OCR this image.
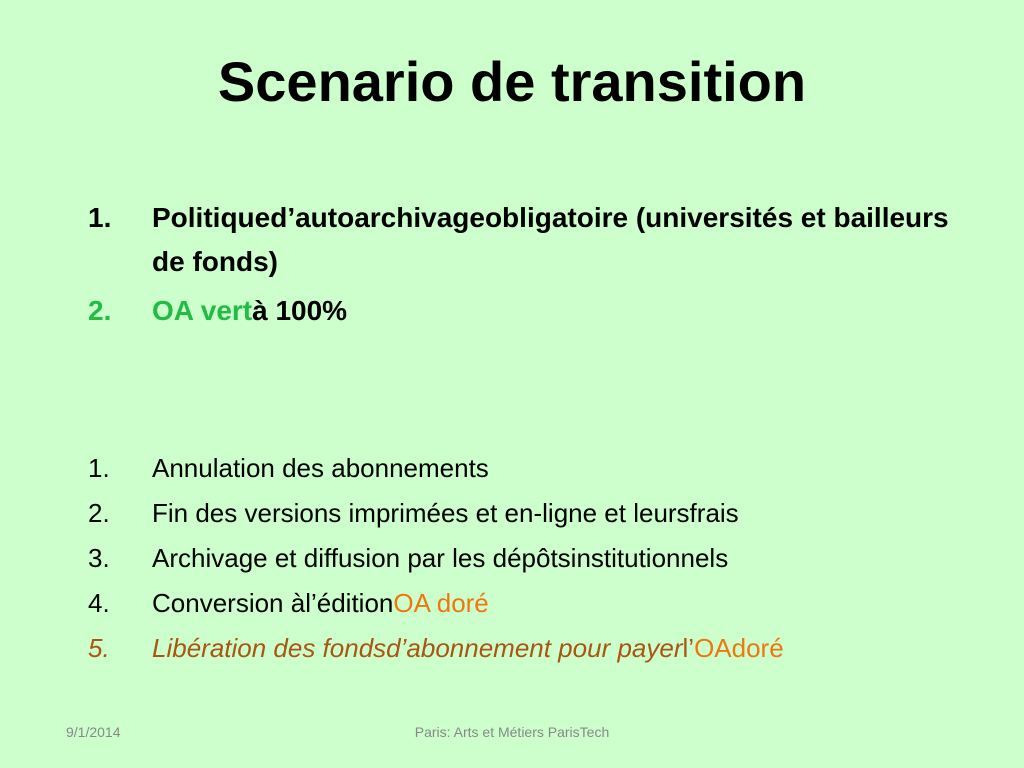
Scenario de transition
1.	Politiqued’autoarchivageobligatoire (universités et bailleurs de fonds)
2.	OA vertà 100%
1.	Annulation des abonnements
2.	Fin des versions imprimées et en-ligne et leursfrais
3.	Archivage et diffusion par les dépôtsinstitutionnels
4.	Conversion àl’éditionOA doré
5.	Libération des fondsd’abonnement pour payerl’OAdoré
9/1/2014	Paris: Arts et Métiers ParisTech
